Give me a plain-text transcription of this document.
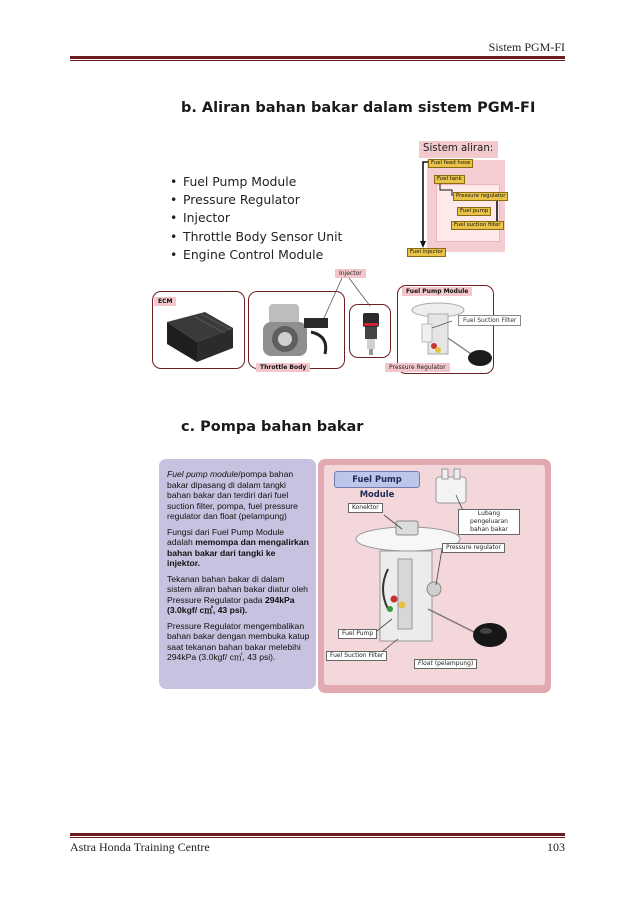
Sistem PGM-FI
b. Aliran bahan bakar dalam sistem PGM-FI
• Fuel Pump Module
• Pressure Regulator
• Injector
• Throttle Body Sensor Unit
• Engine Control Module
Sistem aliran:
Fuel feed hose
Fuel tank
Pressure regulator
Fuel pump
Fuel suction filter
Fuel injector
ECM
Throttle Body
Injector
Fuel Pump Module
Fuel Suction Filter
Pressure Regulator
c. Pompa bahan bakar

Fuel pump module/pompa bahan bakar dipasang di dalam tangki bahan bakar dan terdiri dari fuel suction filter, pompa, fuel pressure regulator dan float (pelampung)

Fungsi dari Fuel Pump Module adalah memompa dan mengalirkan bahan bakar dari tangki ke injektor.

Tekanan bahan bakar di dalam sistem aliran bahan bakar diatur oleh Pressure Regulator pada 294kPa (3.0kgf/ c㎡, 43 psi).

Pressure Regulator mengembalikan bahan bakar dengan membuka katup saat tekanan bahan bakar melebihi 294kPa (3.0kgf/ c㎡, 43 psi).

Fuel Pump Module
Konektor
Lubang pengeluaran bahan bakar
Pressure regulator
Fuel Pump
Fuel Suction Filter
Float (pelampung)
Astra Honda Training Centre	103
